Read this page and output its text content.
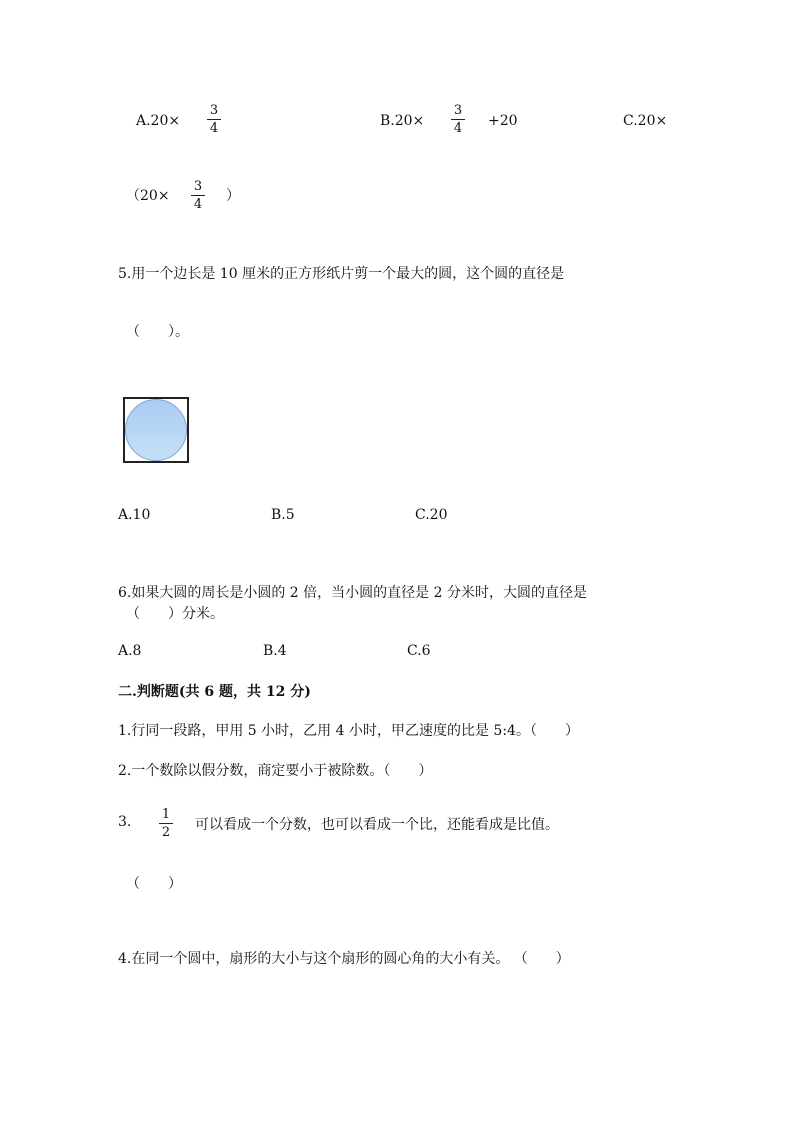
A.20×
3
4	B.20×
3
4 +20	C.20×
（20×
3
4
）
5.用一个边长是 10 厘米的正方形纸片剪一个最大的圆，这个圆的直径是
（　　）。
A.10	B.5	C.20
6.如果大圆的周长是小圆的 2 倍，当小圆的直径是 2 分米时，大圆的直径是
（　　）分米。
A.8	B.4	C.6
二.判断题(共 6 题，共 12 分)
1.行同一段路，甲用 5 小时，乙用 4 小时，甲乙速度的比是 5:4。（　　）
2.一个数除以假分数，商定要小于被除数。（　　）
3. 1
2 可以看成一个分数，也可以看成一个比，还能看成是比值。
（　　）
4.在同一个圆中，扇形的大小与这个扇形的圆心角的大小有关。 （　　）
